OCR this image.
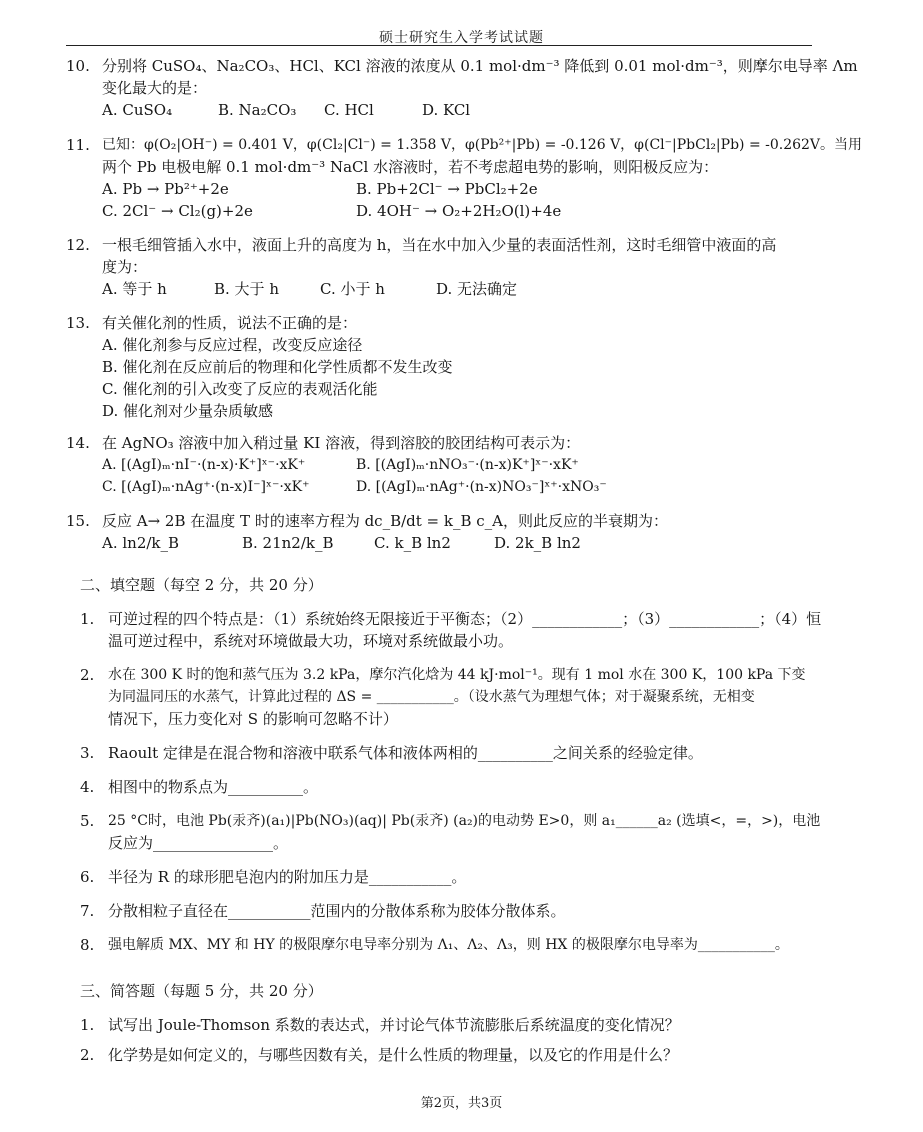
硕士研究生入学考试试题
10. 分别将 CuSO₄、Na₂CO₃、HCl、KCl 溶液的浓度从 0.1 mol·dm⁻³ 降低到 0.01 mol·dm⁻³，则摩尔电导率 Λm
变化最大的是：
A. CuSO₄	B. Na₂CO₃	C. HCl	D. KCl
11. 已知：φ(O₂|OH⁻) = 0.401 V，φ(Cl₂|Cl⁻) = 1.358 V，φ(Pb²⁺|Pb) = -0.126 V，φ(Cl⁻|PbCl₂|Pb) = -0.262V。当用
两个 Pb 电极电解 0.1 mol·dm⁻³ NaCl 水溶液时，若不考虑超电势的影响，则阳极反应为：
A. Pb → Pb²⁺+2e	B. Pb+2Cl⁻ → PbCl₂+2e
C. 2Cl⁻ → Cl₂(g)+2e	D. 4OH⁻ → O₂+2H₂O(l)+4e
12. 一根毛细管插入水中，液面上升的高度为 h，当在水中加入少量的表面活性剂，这时毛细管中液面的高
度为：
A. 等于 h	B. 大于 h	C. 小于 h	D. 无法确定
13. 有关催化剂的性质，说法不正确的是：
A. 催化剂参与反应过程，改变反应途径
B. 催化剂在反应前后的物理和化学性质都不发生改变
C. 催化剂的引入改变了反应的表观活化能
D. 催化剂对少量杂质敏感
14. 在 AgNO₃ 溶液中加入稍过量 KI 溶液，得到溶胶的胶团结构可表示为：
A. [(AgI)ₘ·nI⁻·(n-x)·K⁺]ˣ⁻·xK⁺	B. [(AgI)ₘ·nNO₃⁻·(n-x)K⁺]ˣ⁻·xK⁺
C. [(AgI)ₘ·nAg⁺·(n-x)I⁻]ˣ⁻·xK⁺	D. [(AgI)ₘ·nAg⁺·(n-x)NO₃⁻]ˣ⁺·xNO₃⁻
15. 反应 A→ 2B 在温度 T 时的速率方程为 dc_B/dt = k_B c_A，则此反应的半衰期为：
A. ln2/k_B	B. 21n2/k_B	C. k_B ln2	D. 2k_B ln2
二、填空题（每空 2 分，共 20 分）
1. 可逆过程的四个特点是：（1）系统始终无限接近于平衡态；（2）____________；（3）____________；（4）恒
温可逆过程中，系统对环境做最大功，环境对系统做最小功。
2. 水在 300 K 时的饱和蒸气压为 3.2 kPa，摩尔汽化焓为 44 kJ·mol⁻¹。现有 1 mol 水在 300 K，100 kPa 下变
为同温同压的水蒸气，计算此过程的 ΔS = ___________。（设水蒸气为理想气体；对于凝聚系统，无相变
情况下，压力变化对 S 的影响可忽略不计）
3. Raoult 定律是在混合物和溶液中联系气体和液体两相的__________之间关系的经验定律。
4. 相图中的物系点为__________。
5. 25 °C时，电池 Pb(汞齐)(a₁)|Pb(NO₃)(aq)| Pb(汞齐) (a₂)的电动势 E>0，则 a₁______a₂ (选填<，=，>)，电池
反应为________________。
6. 半径为 R 的球形肥皂泡内的附加压力是___________。
7. 分散相粒子直径在___________范围内的分散体系称为胶体分散体系。
8. 强电解质 MX、MY 和 HY 的极限摩尔电导率分别为 Λ₁、Λ₂、Λ₃，则 HX 的极限摩尔电导率为___________。
三、简答题（每题 5 分，共 20 分）
1. 试写出 Joule-Thomson 系数的表达式，并讨论气体节流膨胀后系统温度的变化情况？
2. 化学势是如何定义的，与哪些因数有关，是什么性质的物理量，以及它的作用是什么？
第2页，共3页
